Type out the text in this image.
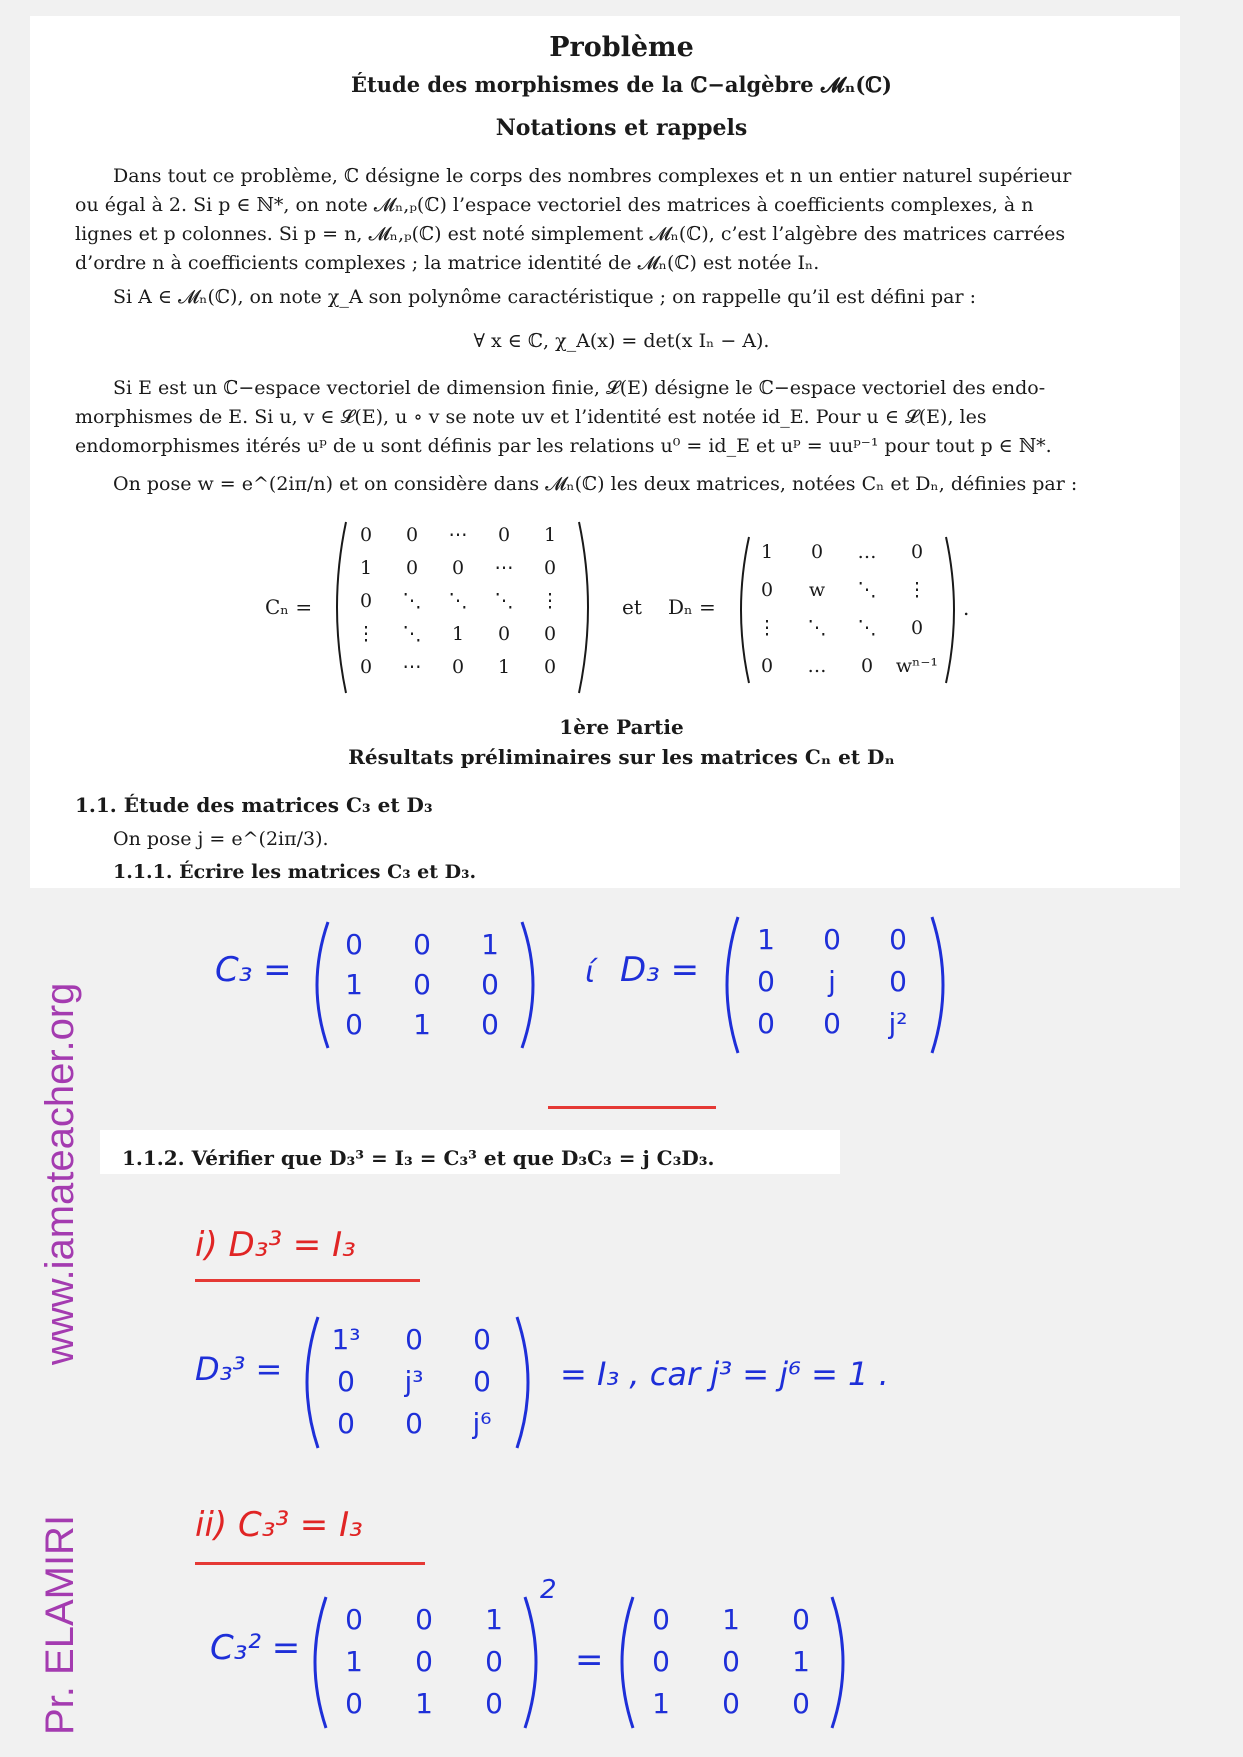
Problème
Étude des morphismes de la ℂ−algèbre 𝓜ₙ(ℂ)
Notations et rappels
Dans tout ce problème, ℂ désigne le corps des nombres complexes et n un entier naturel supérieur
ou égal à 2. Si p ∈ ℕ*, on note 𝓜ₙ,ₚ(ℂ) l’espace vectoriel des matrices à coefficients complexes, à n
lignes et p colonnes. Si p = n, 𝓜ₙ,ₚ(ℂ) est noté simplement 𝓜ₙ(ℂ), c’est l’algèbre des matrices carrées
d’ordre n à coefficients complexes ; la matrice identité de 𝓜ₙ(ℂ) est notée Iₙ.
Si A ∈ 𝓜ₙ(ℂ), on note χ_A son polynôme caractéristique ; on rappelle qu’il est défini par :
∀ x ∈ ℂ, χ_A(x) = det(x Iₙ − A).
Si E est un ℂ−espace vectoriel de dimension finie, 𝓛(E) désigne le ℂ−espace vectoriel des endo-
morphismes de E. Si u, v ∈ 𝓛(E), u ∘ v se note uv et l’identité est notée id_E. Pour u ∈ 𝓛(E), les
endomorphismes itérés uᵖ de u sont définis par les relations u⁰ = id_E et uᵖ = uuᵖ⁻¹ pour tout p ∈ ℕ*.
On pose w = e^(2iπ/n) et on considère dans 𝓜ₙ(ℂ) les deux matrices, notées Cₙ et Dₙ, définies par :
Cₙ =
0	0	⋯	0	1
1	0	0	⋯	0
0	⋱	⋱	⋱	⋮
⋮	⋱	1	0	0
0	⋯	0	1	0
et Dₙ =
1	0	…	0
0	w	⋱	⋮
⋮	⋱	⋱	0
0	…	0	wⁿ⁻¹
.
1ère Partie
Résultats préliminaires sur les matrices Cₙ et Dₙ
1.1. Étude des matrices C₃ et D₃
On pose j = e^(2iπ/3).
1.1.1. Écrire les matrices C₃ et D₃.
C₃ =
0	0	1
1	0	0
0	1	0
ί D₃ =
1	0	0
0	j	0
0	0	j²
1.1.2. Vérifier que D₃³ = I₃ = C₃³ et que D₃C₃ = j C₃D₃.
i) D₃³ = I₃
D₃³ =
1³	0	0
0	j³	0
0	0	j⁶
= I₃ , car j³ = j⁶ = 1 .
ii) C₃³ = I₃
C₃² =
0	0	1
1	0	0
0	1	0
2
=
0	1	0
0	0	1
1	0	0
www.iamateacher.org
Pr. ELAMIRI
